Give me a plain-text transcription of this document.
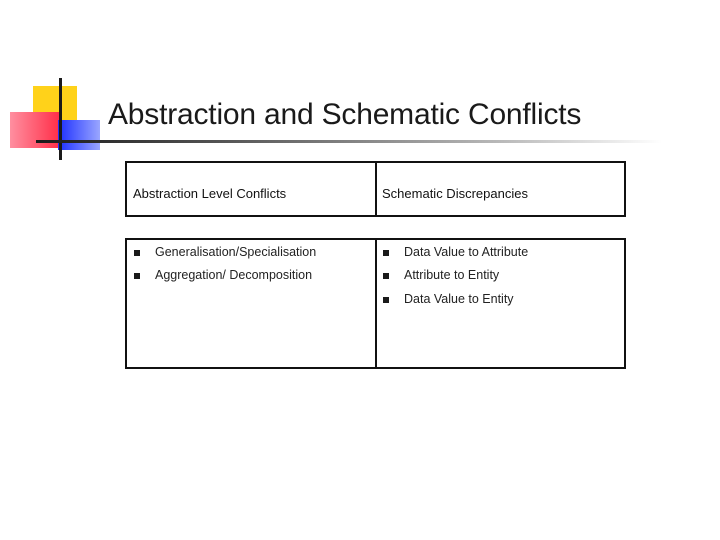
Abstraction and Schematic Conflicts
Abstraction Level Conflicts	Schematic Discrepancies
Generalisation/Specialisation
Aggregation/ Decomposition
Data Value to Attribute
Attribute to Entity
Data Value to Entity
